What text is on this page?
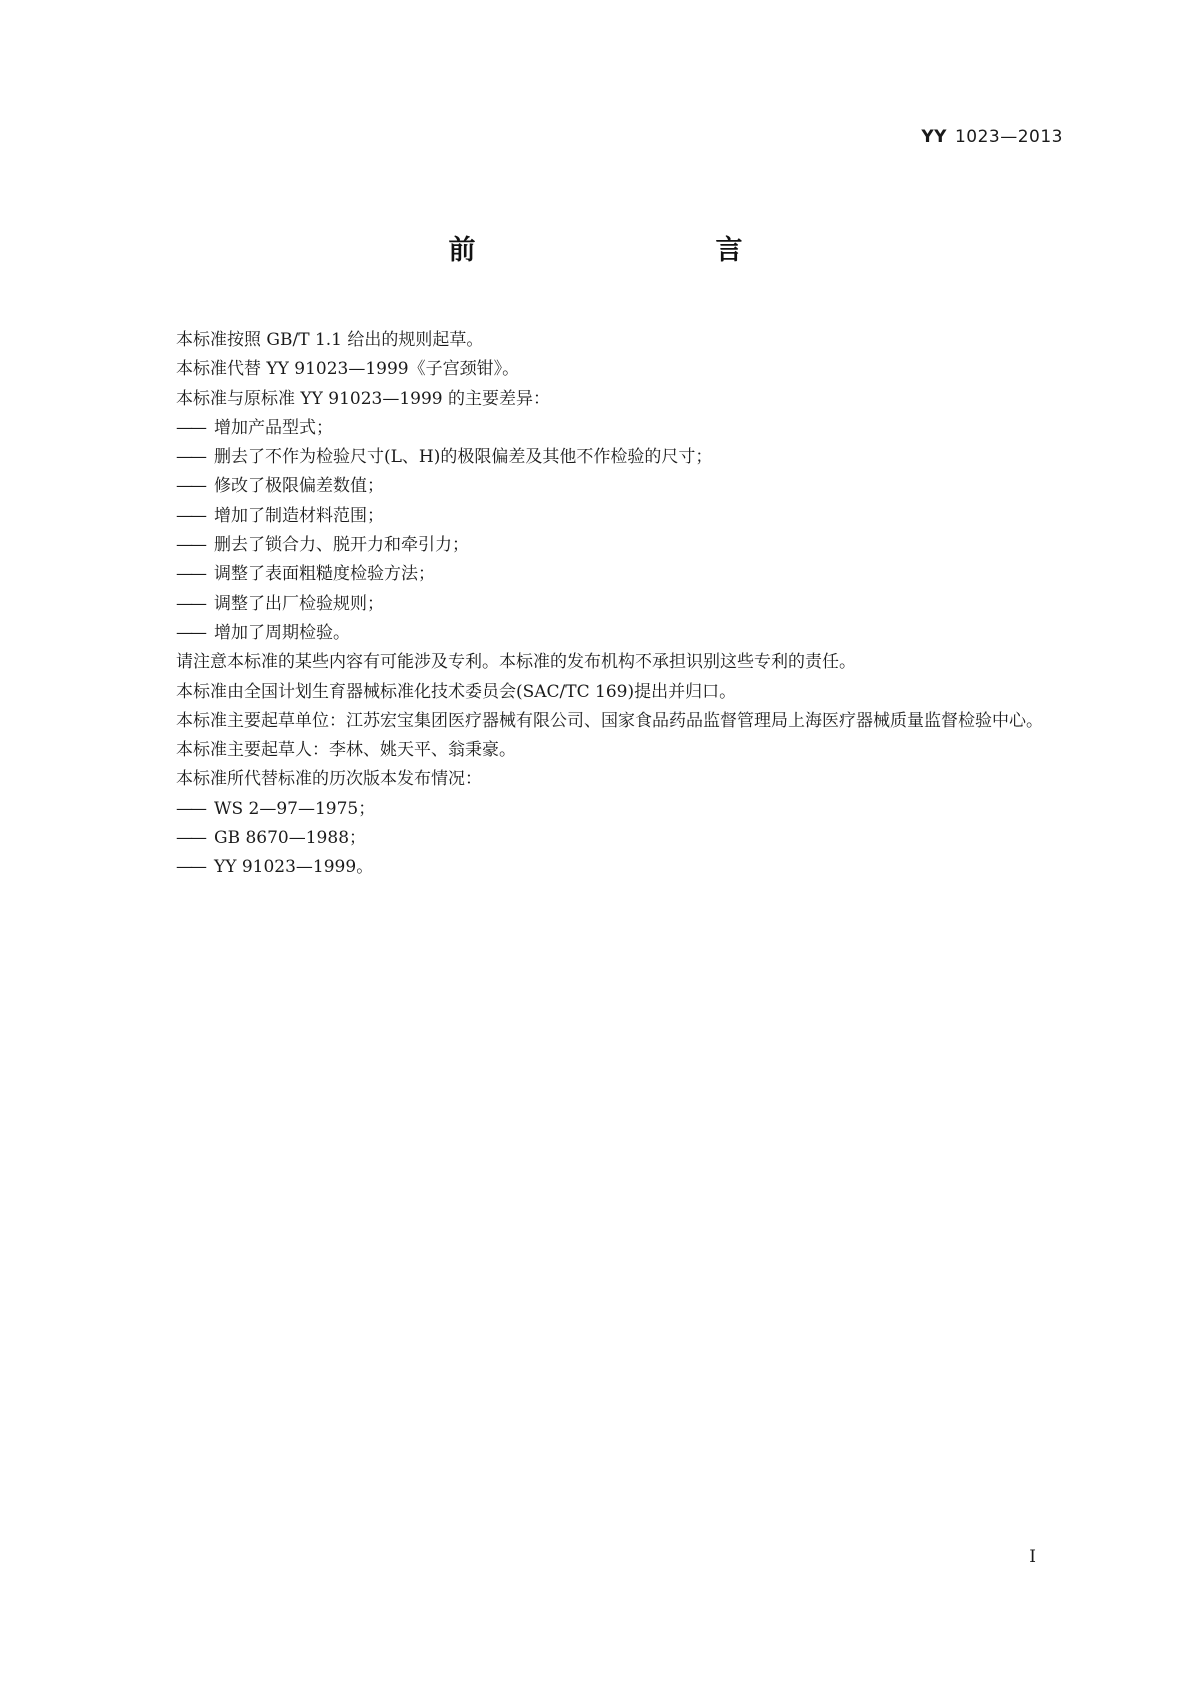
YY 1023—2013
前　　言

本标准按照 GB/T 1.1 给出的规则起草。

本标准代替 YY 91023—1999《子宫颈钳》。

本标准与原标准 YY 91023—1999 的主要差异：

—— 增加产品型式；

—— 删去了不作为检验尺寸(L、H)的极限偏差及其他不作检验的尺寸；

—— 修改了极限偏差数值；

—— 增加了制造材料范围；

—— 删去了锁合力、脱开力和牵引力；

—— 调整了表面粗糙度检验方法；

—— 调整了出厂检验规则；

—— 增加了周期检验。

请注意本标准的某些内容有可能涉及专利。本标准的发布机构不承担识别这些专利的责任。

本标准由全国计划生育器械标准化技术委员会(SAC/TC 169)提出并归口。

本标准主要起草单位：江苏宏宝集团医疗器械有限公司、国家食品药品监督管理局上海医疗器械质量监督检验中心。

本标准主要起草人：李林、姚天平、翁秉豪。

本标准所代替标准的历次版本发布情况：

—— WS 2—97—1975；

—— GB 8670—1988；

—— YY 91023—1999。

I
